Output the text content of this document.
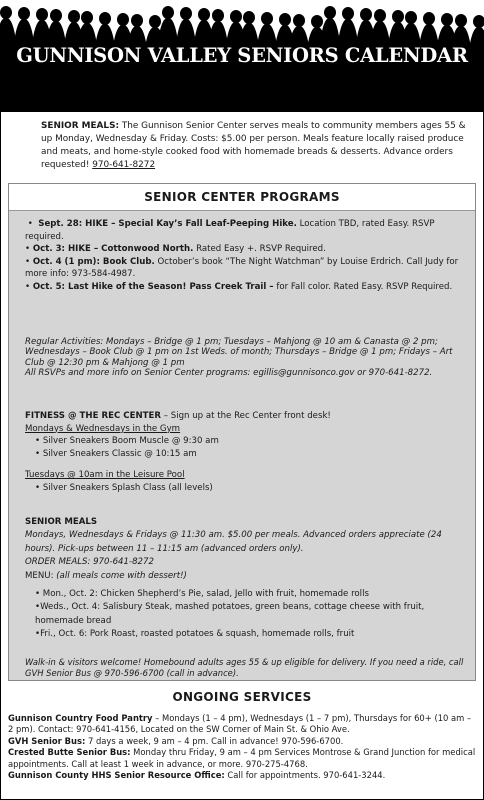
GUNNISON VALLEY SENIORS CALENDAR
SENIOR MEALS: The Gunnison Senior Center serves meals to community members ages 55 & up Monday, Wednesday & Friday. Costs: $5.00 per person. Meals feature locally raised produce and meats, and home-style cooked food with homemade breads & desserts. Advance orders requested! 970-641-8272
SENIOR CENTER PROGRAMS

•  Sept. 28: HIKE – Special Kay’s Fall Leaf-Peeping Hike. Location TBD, rated Easy. RSVP required.

• Oct. 3: HIKE – Cottonwood North. Rated Easy +. RSVP Required.

• Oct. 4 (1 pm): Book Club. October’s book “The Night Watchman” by Louise Erdrich. Call Judy for more info: 973-584-4987.

• Oct. 5: Last Hike of the Season! Pass Creek Trail – for Fall color. Rated Easy. RSVP Required.

Regular Activities: Mondays – Bridge @ 1 pm; Tuesdays – Mahjong @ 10 am & Canasta @ 2 pm; Wednesdays – Book Club @ 1 pm on 1st Weds. of month; Thursdays – Bridge @ 1 pm; Fridays – Art Club @ 12:30 pm & Mahjong @ 1 pm
All RSVPs and more info on Senior Center programs: egillis@gunnisonco.gov or 970-641-8272.
FITNESS @ THE REC CENTER – Sign up at the Rec Center front desk!
Mondays & Wednesdays in the Gym
• Silver Sneakers Boom Muscle @ 9:30 am
• Silver Sneakers Classic @ 10:15 am
Tuesdays @ 10am in the Leisure Pool
• Silver Sneakers Splash Class (all levels)
SENIOR MEALS
Mondays, Wednesdays & Fridays @ 11:30 am. $5.00 per meals. Advanced orders appreciate (24 hours). Pick-ups between 11 – 11:15 am (advanced orders only).
ORDER MEALS: 970-641-8272
MENU: (all meals come with dessert!)
• Mon., Oct. 2: Chicken Shepherd’s Pie, salad, Jello with fruit, homemade rolls
•Weds., Oct. 4: Salisbury Steak, mashed potatoes, green beans, cottage cheese with fruit, homemade bread
•Fri., Oct. 6: Pork Roast, roasted potatoes & squash, homemade rolls, fruit
Walk-in & visitors welcome! Homebound adults ages 55 & up eligible for delivery. If you need a ride, call GVH Senior Bus @ 970-596-6700 (call in advance).
ONGOING SERVICES
Gunnison Country Food Pantry – Mondays (1 – 4 pm), Wednesdays (1 – 7 pm), Thursdays for 60+ (10 am – 2 pm). Contact: 970-641-4156, Located on the SW Corner of Main St. & Ohio Ave.
GVH Senior Bus: 7 days a week, 9 am – 4 pm. Call in advance! 970-596-6700.
Crested Butte Senior Bus: Monday thru Friday, 9 am – 4 pm Services Montrose & Grand Junction for medical appointments. Call at least 1 week in advance, or more. 970-275-4768.
Gunnison County HHS Senior Resource Office: Call for appointments. 970-641-3244.
